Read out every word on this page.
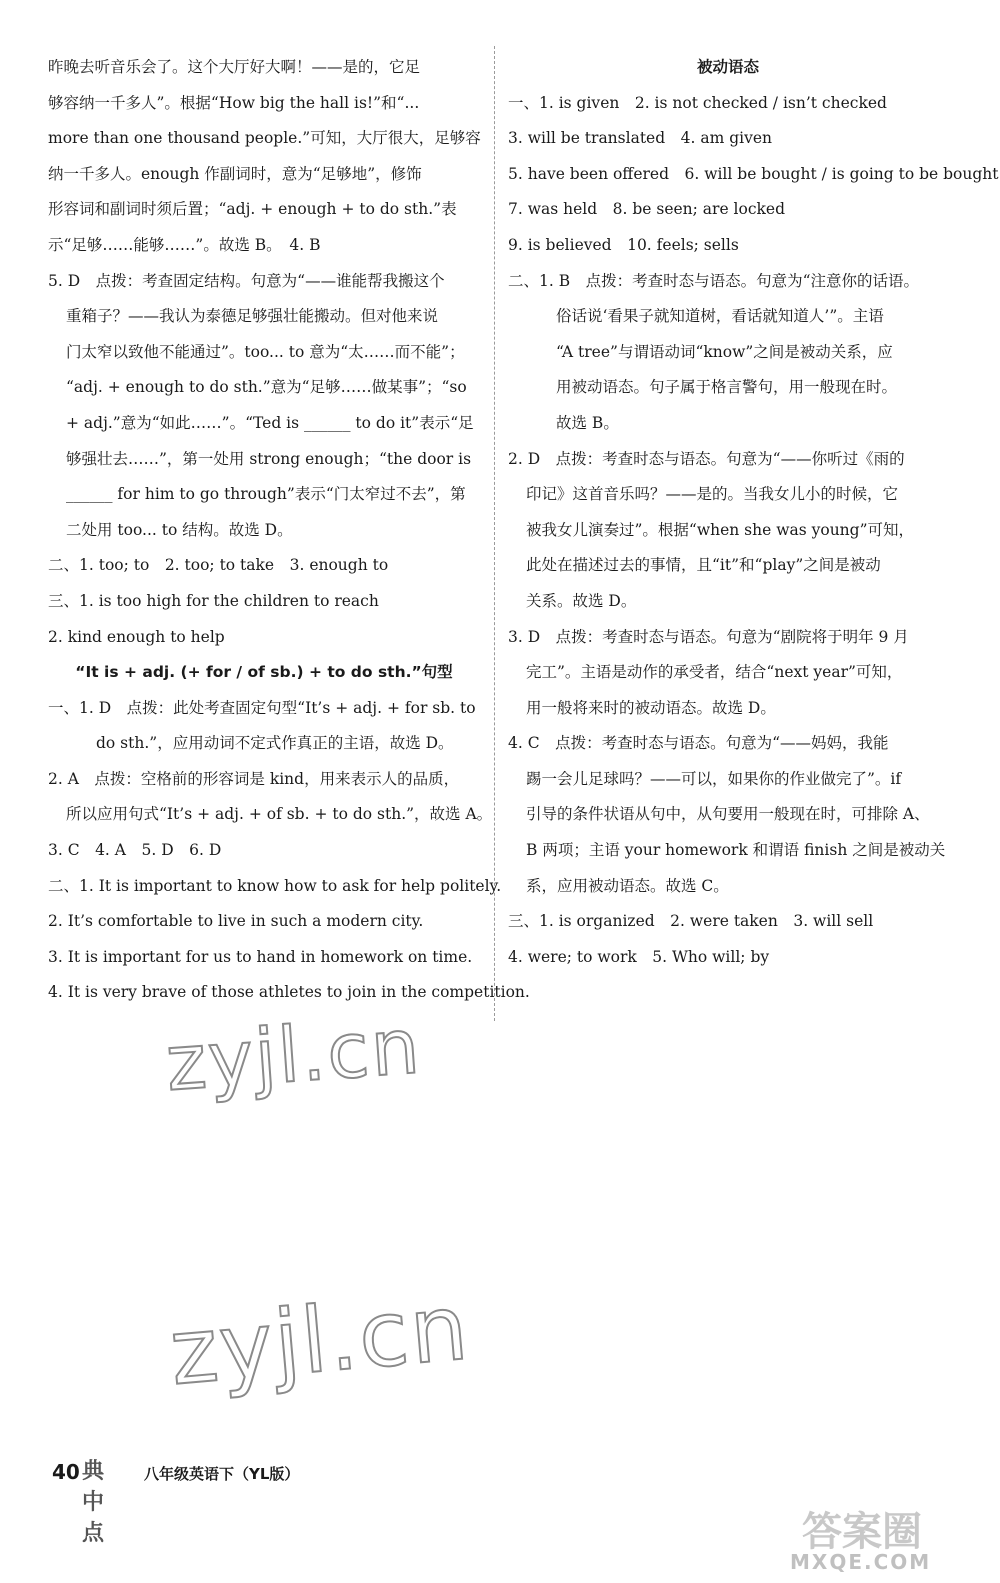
昨晚去听音乐会了。这个大厅好大啊！——是的，它足
够容纳一千多人”。根据“How big the hall is!”和“...
more than one thousand people.”可知，大厅很大，足够容
纳一千多人。enough 作副词时，意为“足够地”，修饰
形容词和副词时须后置；“adj. + enough + to do sth.”表
示“足够……能够……”。故选 B。　4. B
5. D　点拨：考查固定结构。句意为“——谁能帮我搬这个
重箱子？——我认为泰德足够强壮能搬动。但对他来说
门太窄以致他不能通过”。too... to 意为“太……而不能”；
“adj. + enough to do sth.”意为“足够……做某事”；“so
+ adj.”意为“如此……”。“Ted is ______ to do it”表示“足
够强壮去……”，第一处用 strong enough；“the door is
______ for him to go through”表示“门太窄过不去”，第
二处用 too... to 结构。故选 D。
二、1. too; to　2. too; to take　3. enough to
三、1. is too high for the children to reach
2. kind enough to help
“It is + adj. (+ for / of sb.) + to do sth.”句型
一、1. D　点拨：此处考查固定句型“It’s + adj. + for sb. to
do sth.”，应用动词不定式作真正的主语，故选 D。
2. A　点拨：空格前的形容词是 kind，用来表示人的品质，
所以应用句式“It’s + adj. + of sb. + to do sth.”，故选 A。
3. C　4. A　5. D　6. D
二、1. It is important to know how to ask for help politely.
2. It’s comfortable to live in such a modern city.
3. It is important for us to hand in homework on time.
4. It is very brave of those athletes to join in the competition.
被动语态
一、1. is given　2. is not checked / isn’t checked
3. will be translated　4. am given
5. have been offered　6. will be bought / is going to be bought
7. was held　8. be seen; are locked
9. is believed　10. feels; sells
二、1. B　点拨：考查时态与语态。句意为“注意你的话语。
俗话说‘看果子就知道树，看话就知道人’”。主语
“A tree”与谓语动词“know”之间是被动关系，应
用被动语态。句子属于格言警句，用一般现在时。
故选 B。
2. D　点拨：考查时态与语态。句意为“——你听过《雨的
印记》这首音乐吗？——是的。当我女儿小的时候，它
被我女儿演奏过”。根据“when she was young”可知，
此处在描述过去的事情，且“it”和“play”之间是被动
关系。故选 D。
3. D　点拨：考查时态与语态。句意为“剧院将于明年 9 月
完工”。主语是动作的承受者，结合“next year”可知，
用一般将来时的被动语态。故选 D。
4. C　点拨：考查时态与语态。句意为“——妈妈，我能
踢一会儿足球吗？——可以，如果你的作业做完了”。if
引导的条件状语从句中，从句要用一般现在时，可排除 A、
B 两项；主语 your homework 和谓语 finish 之间是被动关
系，应用被动语态。故选 C。
三、1. is organized　2. were taken　3. will sell
4. were; to work　5. Who will; by
zyjl.cn
zyjl.cn
40 典中点
八年级英语下（YL版）
答案圈
MXQE.COM
